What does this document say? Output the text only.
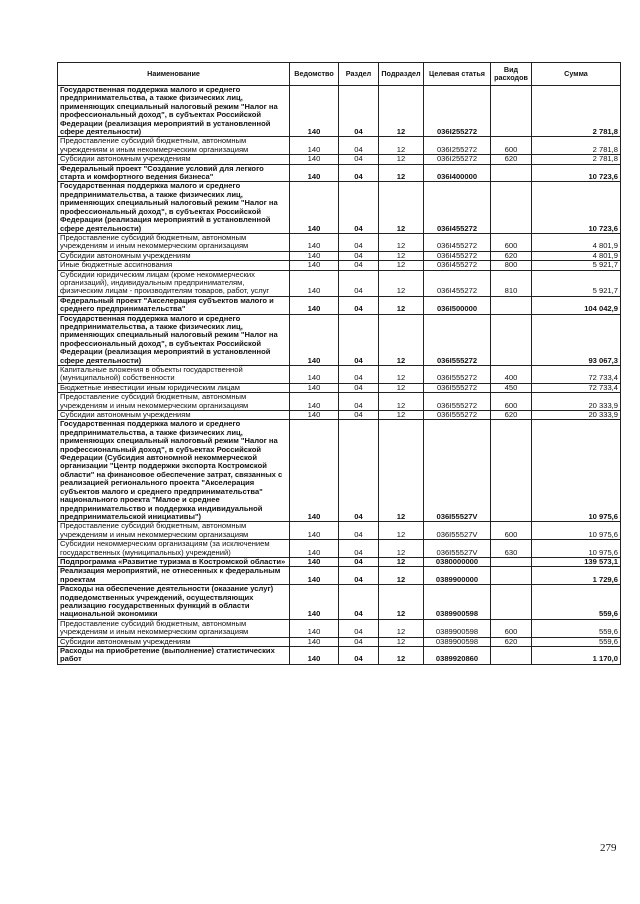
Наименование	Ведомство	Раздел	Подраздел	Целевая статья	Вид расходов	Сумма
Государственная поддержка малого и среднего предпринимательства, а также физических лиц, применяющих специальный налоговый режим "Налог на профессиональный доход", в субъектах Российской Федерации (реализация мероприятий в установленной сфере деятельности)	140	04	12	036I255272		2 781,8
Предоставление субсидий бюджетным, автономным учреждениям и иным некоммерческим организациям	140	04	12	036I255272	600	2 781,8
Субсидии автономным учреждениям	140	04	12	036I255272	620	2 781,8
Федеральный проект "Создание условий для легкого старта и комфортного ведения бизнеса"	140	04	12	036I400000		10 723,6
Государственная поддержка малого и среднего предпринимательства, а также физических лиц, применяющих специальный налоговый режим "Налог на профессиональный доход", в субъектах Российской Федерации (реализация мероприятий в установленной сфере деятельности)	140	04	12	036I455272		10 723,6
Предоставление субсидий бюджетным, автономным учреждениям и иным некоммерческим организациям	140	04	12	036I455272	600	4 801,9
Субсидии автономным учреждениям	140	04	12	036I455272	620	4 801,9
Иные бюджетные ассигнования	140	04	12	036I455272	800	5 921,7
Субсидии юридическим лицам (кроме некоммерческих организаций), индивидуальным предпринимателям, физическим лицам - производителям товаров, работ, услуг	140	04	12	036I455272	810	5 921,7
Федеральный проект "Акселерация субъектов малого и среднего предпринимательства"	140	04	12	036I500000		104 042,9
Государственная поддержка малого и среднего предпринимательства, а также физических лиц, применяющих специальный налоговый режим "Налог на профессиональный доход", в субъектах Российской Федерации (реализация мероприятий в установленной сфере деятельности)	140	04	12	036I555272		93 067,3
Капитальные вложения в объекты государственной (муниципальной) собственности	140	04	12	036I555272	400	72 733,4
Бюджетные инвестиции иным юридическим лицам	140	04	12	036I555272	450	72 733,4
Предоставление субсидий бюджетным, автономным учреждениям и иным некоммерческим организациям	140	04	12	036I555272	600	20 333,9
Субсидии автономным учреждениям	140	04	12	036I555272	620	20 333,9
Государственная поддержка малого и среднего предпринимательства, а также физических лиц, применяющих специальный налоговый режим "Налог на профессиональный доход", в субъектах Российской Федерации (Субсидия автономной некоммерческой организации "Центр поддержки экспорта Костромской области" на финансовое обеспечение затрат, связанных с реализацией регионального проекта "Акселерация субъектов малого и среднего предпринимательства" национального проекта "Малое и среднее предпринимательство и поддержка индивидуальной предпринимательской инициативы")	140	04	12	036I55527V		10 975,6
Предоставление субсидий бюджетным, автономным учреждениям и иным некоммерческим организациям	140	04	12	036I55527V	600	10 975,6
Субсидии некоммерческим организациям (за исключением государственных (муниципальных) учреждений)	140	04	12	036I55527V	630	10 975,6
Подпрограмма «Развитие туризма в Костромской области»	140	04	12	0380000000		139 573,1
Реализация мероприятий, не отнесенных к федеральным проектам	140	04	12	0389900000		1 729,6
Расходы на обеспечение деятельности (оказание услуг) подведомственных учреждений, осуществляющих реализацию государственных функций в области национальной экономики	140	04	12	0389900598		559,6
Предоставление субсидий бюджетным, автономным учреждениям и иным некоммерческим организациям	140	04	12	0389900598	600	559,6
Субсидии автономным учреждениям	140	04	12	0389900598	620	559,6
Расходы на приобретение (выполнение) статистических работ	140	04	12	0389920860		1 170,0
279
